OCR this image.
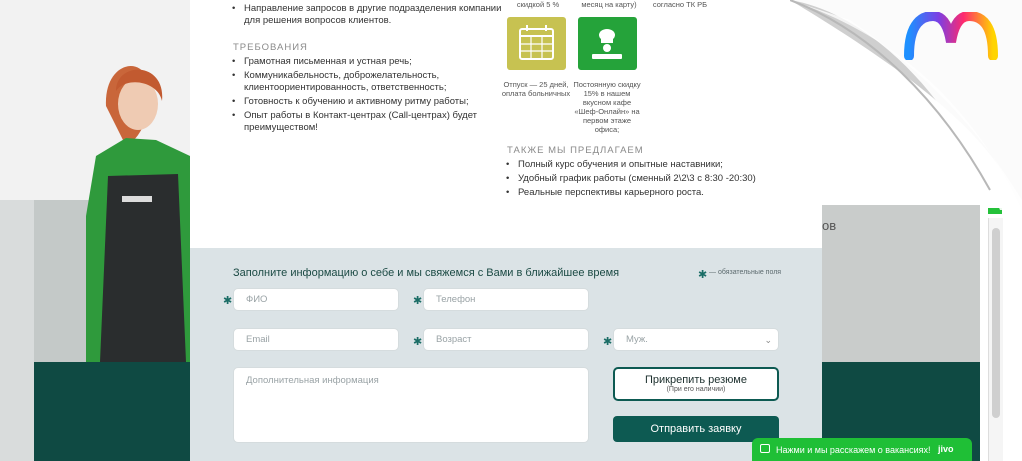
ов
• Направление запросов в другие подразделения компании для решения вопросов клиентов.
ТРЕБОВАНИЯ
• Грамотная письменная и устная речь;
• Коммуникабельность, доброжелательность, клиентоориентированность, ответственность;
• Готовность к обучению и активному ритму работы;
• Опыт работы в Контакт-центрах (Call-центрах) будет преимуществом!
скидкой 5 %	месяц на карту)	согласно ТК РБ
Отпуск — 25 дней, оплата больничных
Постоянную скидку 15% в нашем вкусном кафе «Шеф-Онлайн» на первом этаже офиса;
ТАКЖЕ МЫ ПРЕДЛАГАЕМ
• Полный курс обучения и опытные наставники;
• Удобный график работы (сменный 2\2\3 с 8:30 -20:30)
• Реальные перспективы карьерного роста.
Заполните информацию о себе и мы свяжемся с Вами в ближайшее время	✱ — обязательные поля
✱	ФИО	✱	Телефон
Email	✱	Возраст	✱	Муж.	⌄
Дополнительная информация	Прикрепить резюме
(При его наличии)
Отправить заявку
Нажми и мы расскажем о вакансиях! jivo
